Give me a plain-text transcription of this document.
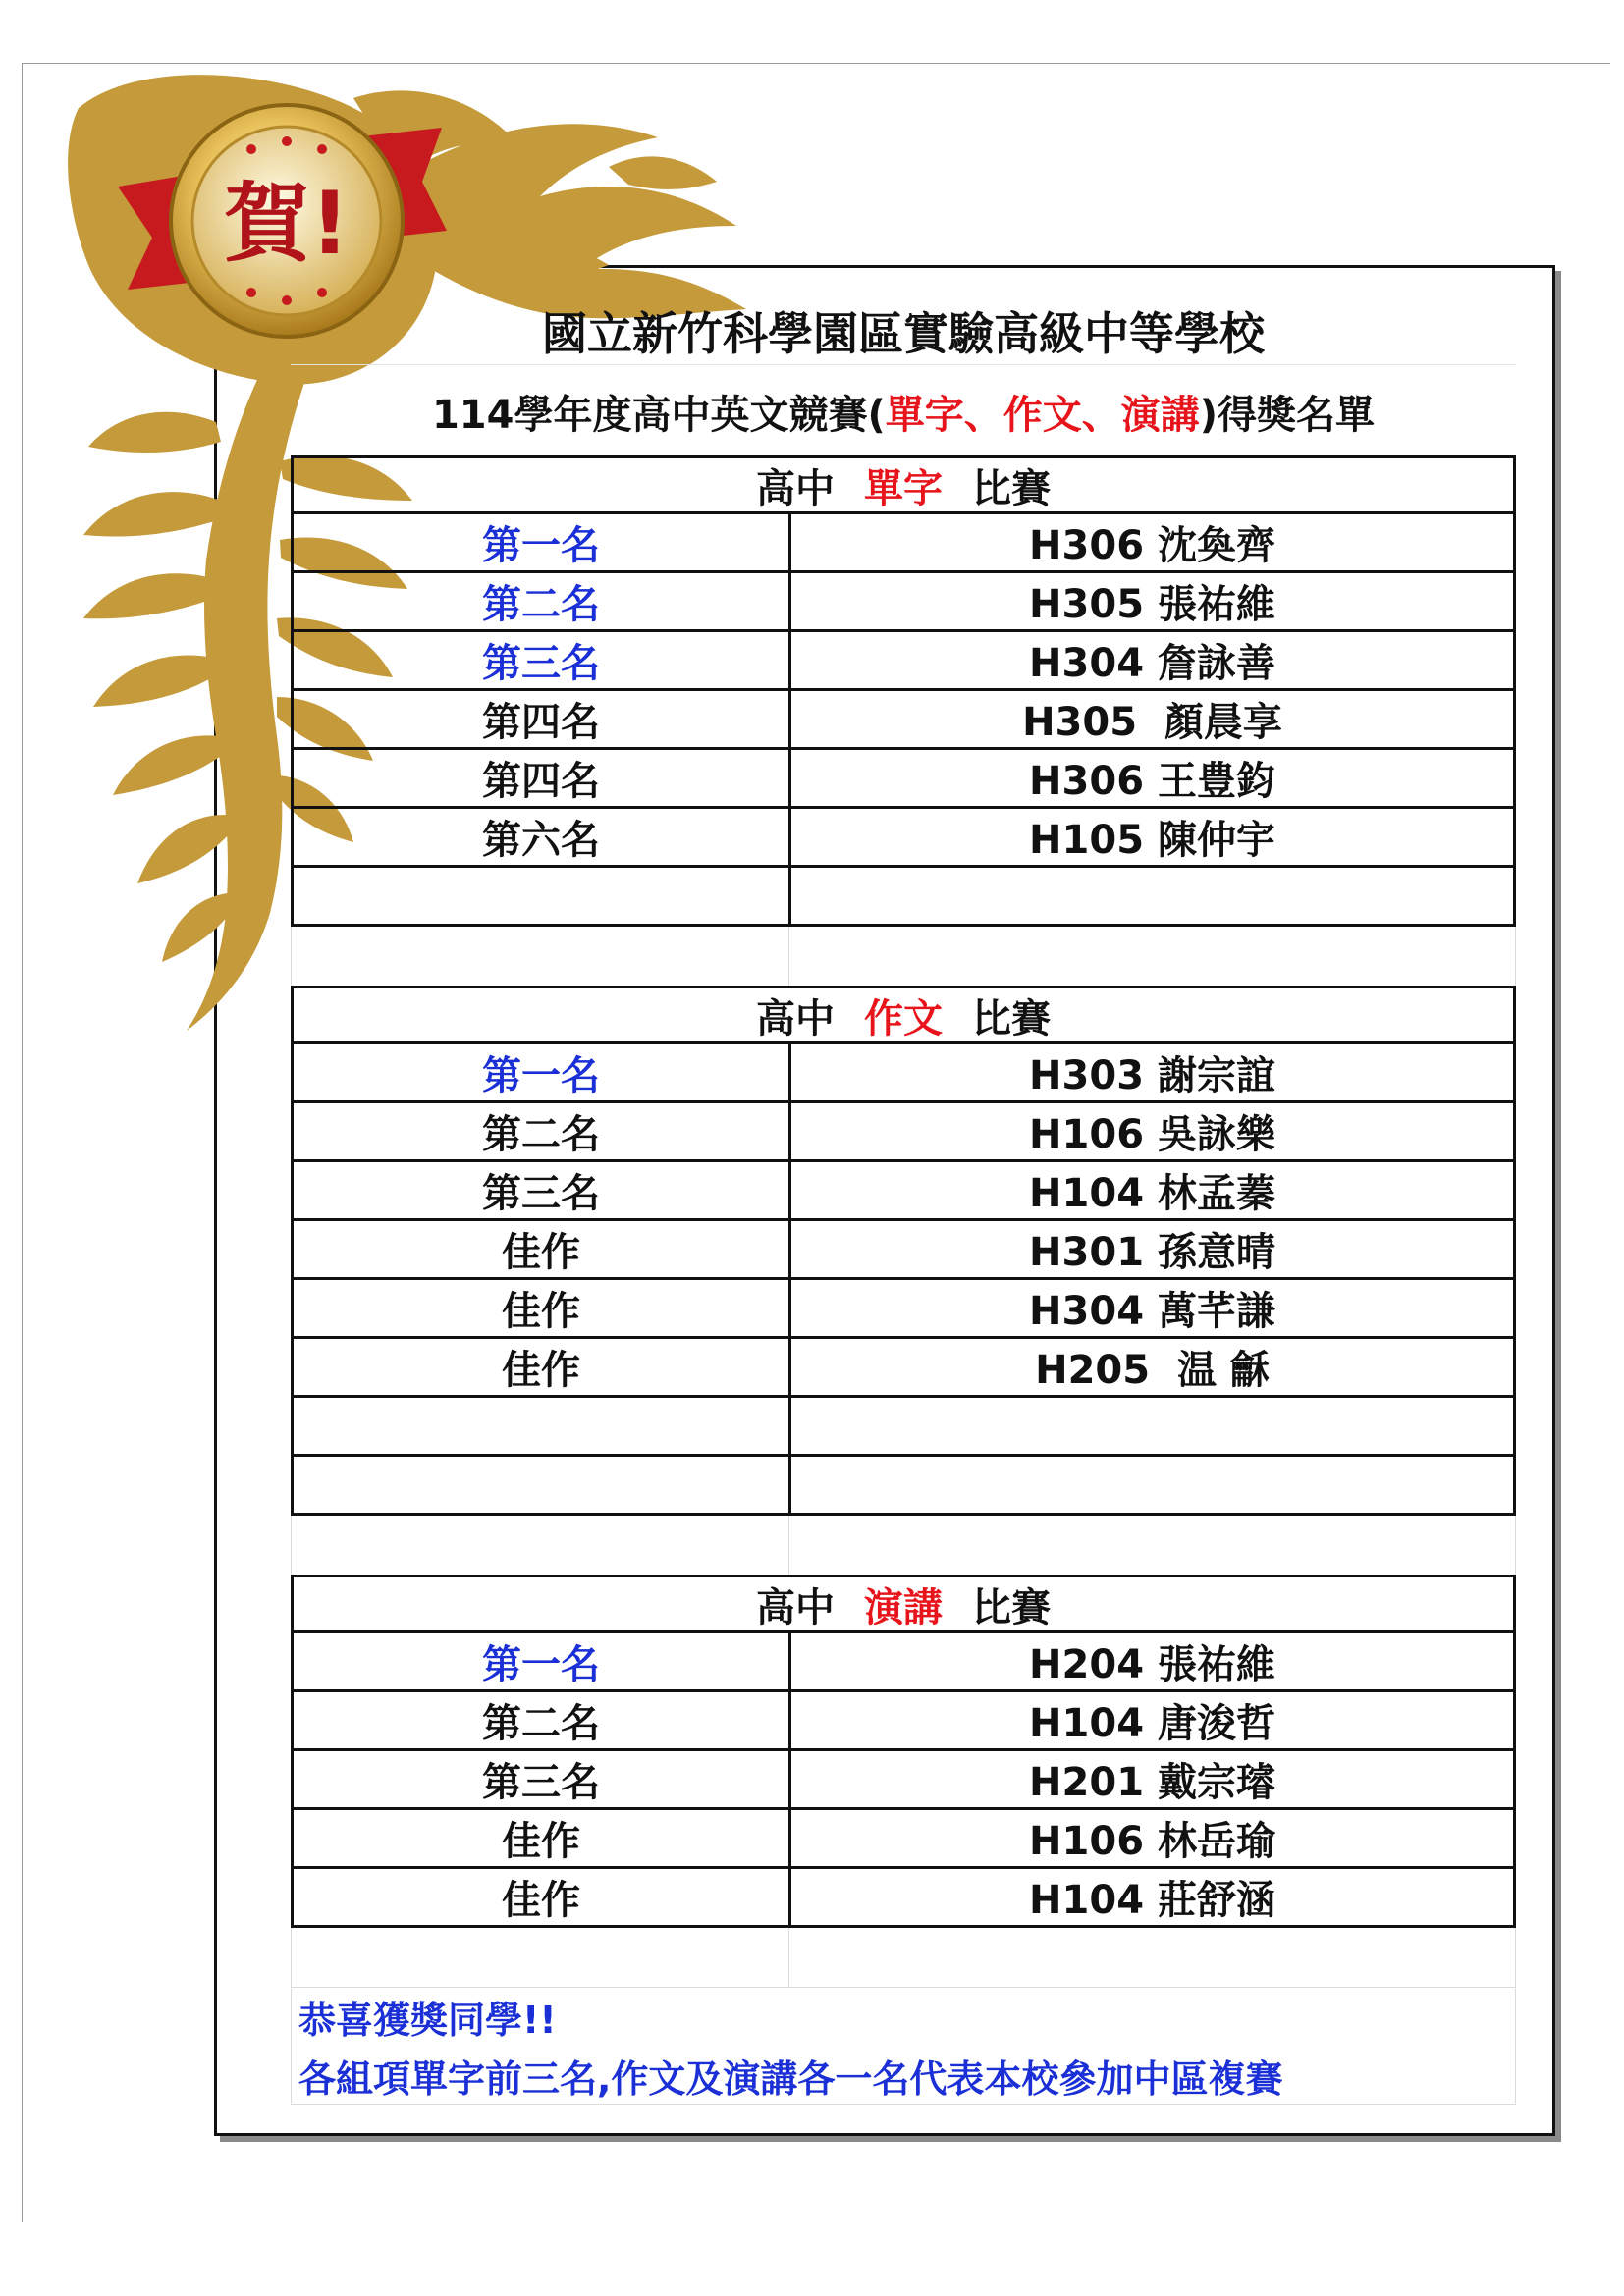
賀!
國立新竹科學園區實驗高級中等學校
114學年度高中英文競賽( 單字、作文、演講 )得獎名單
高中 單字 比賽
第一名	H306 沈奐齊
第二名	H305 張祐維
第三名	H304 詹詠善
第四名	H305  顏晨享
第四名	H306 王豊鈞
第六名	H105 陳仲宇
高中 作文 比賽
第一名	H303 謝宗誼
第二名	H106 吳詠樂
第三名	H104 林孟蓁
佳作	H301 孫意晴
佳作	H304 萬芊謙
佳作	H205  温 龢
高中 演講 比賽
第一名	H204 張祐維
第二名	H104 唐浚哲
第三名	H201 戴宗璿
佳作	H106 林岳瑜
佳作	H104 莊舒涵
恭喜獲獎同學!!
各組項單字前三名,作文及演講各一名代表本校參加中區複賽
